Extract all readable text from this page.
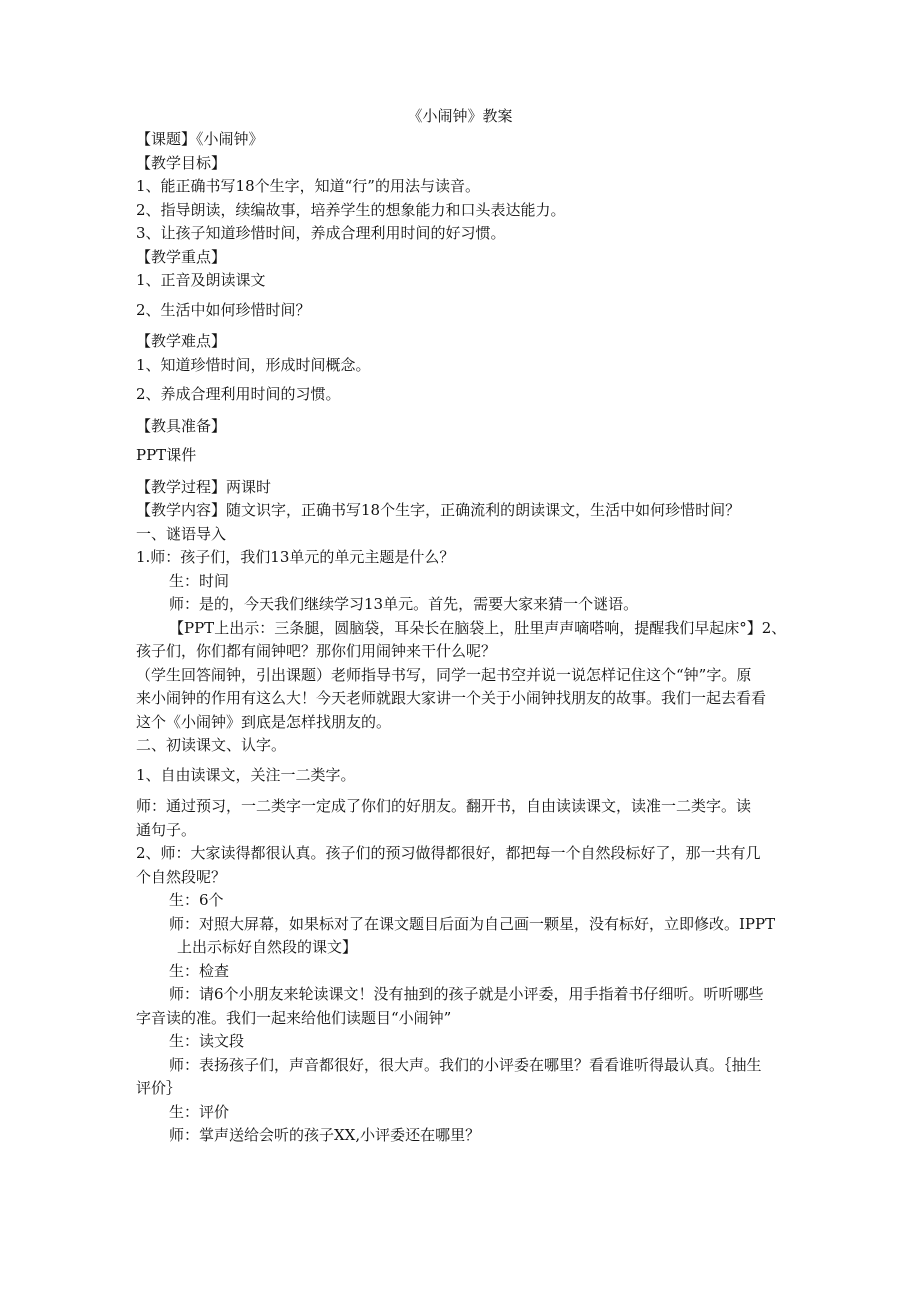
《小闹钟》教案
【课题】《小闹钟》
【教学目标】
1、能正确书写18个生字，知道“行”的用法与读音。
2、指导朗读，续编故事，培养学生的想象能力和口头表达能力。
3、让孩子知道珍惜时间，养成合理利用时间的好习惯。
【教学重点】
1、正音及朗读课文
2、生活中如何珍惜时间？
【教学难点】
1、知道珍惜时间，形成时间概念。
2、养成合理利用时间的习惯。
【教具准备】
PPT课件
【教学过程】两课时
【教学内容】随文识字，正确书写18个生字，正确流利的朗读课文，生活中如何珍惜时间？
一、谜语导入
1.师：孩子们，我们13单元的单元主题是什么？
生：时间
师：是的，今天我们继续学习13单元。首先，需要大家来猜一个谜语。
【PPT上出示：三条腿，圆脑袋，耳朵长在脑袋上，肚里声声嘀嗒响，提醒我们早起床°】2、
孩子们，你们都有闹钟吧？那你们用闹钟来干什么呢？
（学生回答闹钟，引出课题）老师指导书写，同学一起书空并说一说怎样记住这个“钟”字。原
来小闹钟的作用有这么大！今天老师就跟大家讲一个关于小闹钟找朋友的故事。我们一起去看看
这个《小闹钟》到底是怎样找朋友的。
二、初读课文、认字。
1、自由读课文，关注一二类字。
师：通过预习，一二类字一定成了你们的好朋友。翻开书，自由读读课文，读准一二类字。读
通句子。
2、师：大家读得都很认真。孩子们的预习做得都很好，都把每一个自然段标好了，那一共有几
个自然段呢？
生：6个
师：对照大屏幕，如果标对了在课文题目后面为自己画一颗星，没有标好，立即修改。IPPT
上出示标好自然段的课文】
生：检查
师：请6个小朋友来轮读课文！没有抽到的孩子就是小评委，用手指着书仔细听。听听哪些
字音读的准。我们一起来给他们读题目“小闹钟”
生：读文段
师：表扬孩子们，声音都很好，很大声。我们的小评委在哪里？看看谁听得最认真。｛抽生
评价｝
生：评价
师：掌声送给会听的孩子XX,小评委还在哪里？
